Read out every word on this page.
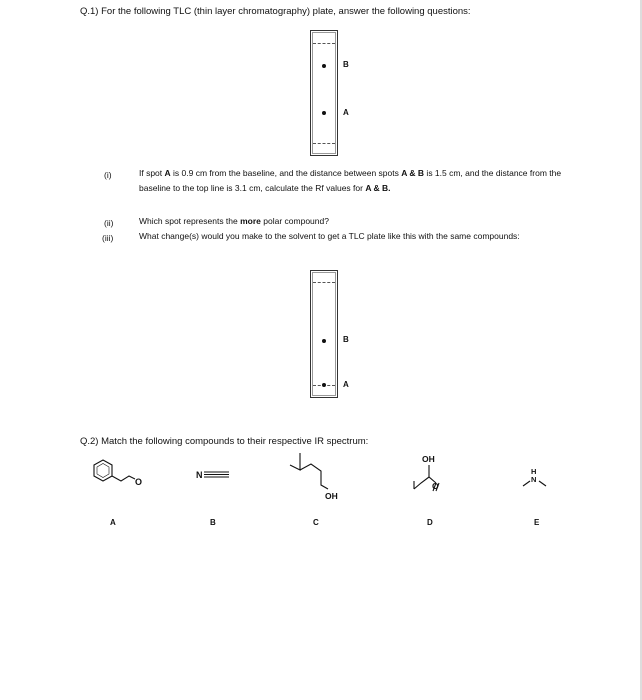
Q.1) For the following TLC (thin layer chromatography) plate, answer the following questions:
B
A
(i)	If spot A is 0.9 cm from the baseline, and the distance between spots A & B is 1.5 cm, and the distance from the baseline to the top line is 3.1 cm, calculate the Rf values for A & B.
(ii)	Which spot represents the more polar compound?
(iii)	What change(s) would you make to the solvent to get a TLC plate like this with the same compounds:
B
A
Q.2) Match the following compounds to their respective IR spectrum:
O
N
OH
OH
O
H
N
A	B	C	D	E
